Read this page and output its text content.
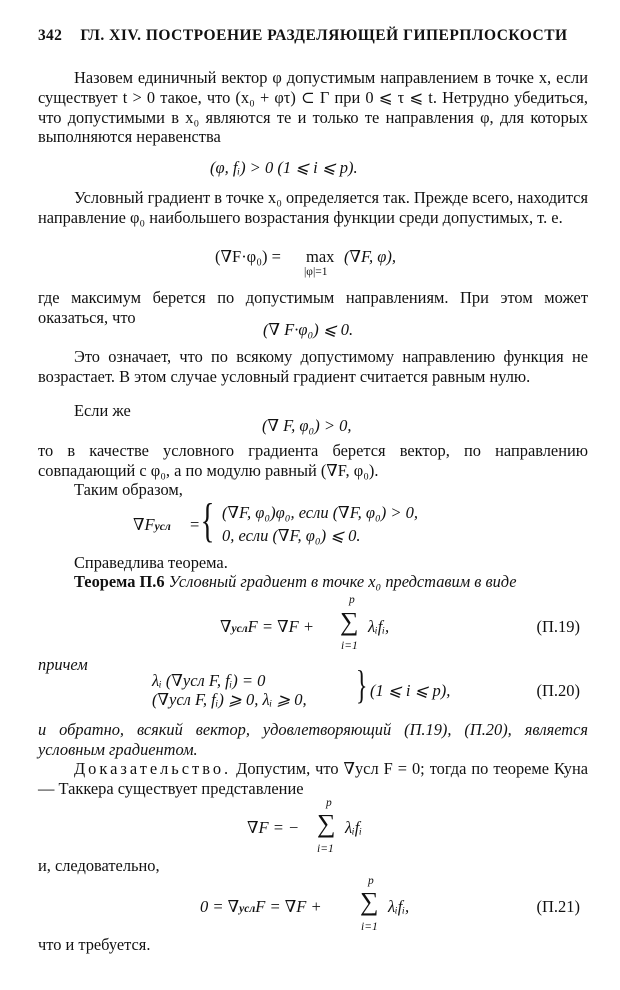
342 ГЛ. XIV. ПОСТРОЕНИЕ РАЗДЕЛЯЮЩЕЙ ГИПЕРПЛОСКОСТИ
Назовем единичный вектор φ допустимым направлением в точке x, если существует t > 0 такое, что (x₀ + φτ) ⊂ Γ при 0 ⩽ τ ⩽ t. Нетрудно убедиться, что допустимыми в x₀ являются те и только те направления φ, для которых выполняются неравенства
(φ, fᵢ) > 0 (1 ⩽ i ⩽ p).
Условный градиент в точке x₀ определяется так. Прежде всего, находится направление φ₀ наибольшего возрастания функции среди допустимых, т. е.
(∇F·φ₀) = max
|φ|=1
(∇F, φ),
где максимум берется по допустимым направлениям. При этом может оказаться, что
(∇ F·φ₀) ⩽ 0.
Это означает, что по всякому допустимому направлению функция не возрастает. В этом случае условный градиент считается равным нулю.
Если же
(∇ F, φ₀) > 0,
то в качестве условного градиента берется вектор, по направлению совпадающий с φ₀, а по модулю равный (∇F, φ₀).
Таким образом,
∇Fусл = { (∇F, φ₀)φ₀, если (∇F, φ₀) > 0,
0, если (∇F, φ₀) ⩽ 0.
Справедлива теорема.
Теорема П.6 Условный градиент в точке x₀ представим в виде
∇услF = ∇F +
p
∑
i=1
λᵢfᵢ,	(П.19)
причем
λᵢ (∇усл F, fᵢ) = 0
(∇усл F, fᵢ) ⩾ 0, λᵢ ⩾ 0, } (1 ⩽ i ⩽ p),	(П.20)
и обратно, всякий вектор, удовлетворяющий (П.19), (П.20), является условным градиентом.
Доказательство. Допустим, что ∇усл F = 0; тогда по теореме Куна — Таккера существует представление
∇F = −
p
∑
i=1
λᵢfᵢ
и, следовательно,
0 = ∇услF = ∇F +
p
∑
i=1
λᵢfᵢ,	(П.21)
что и требуется.
